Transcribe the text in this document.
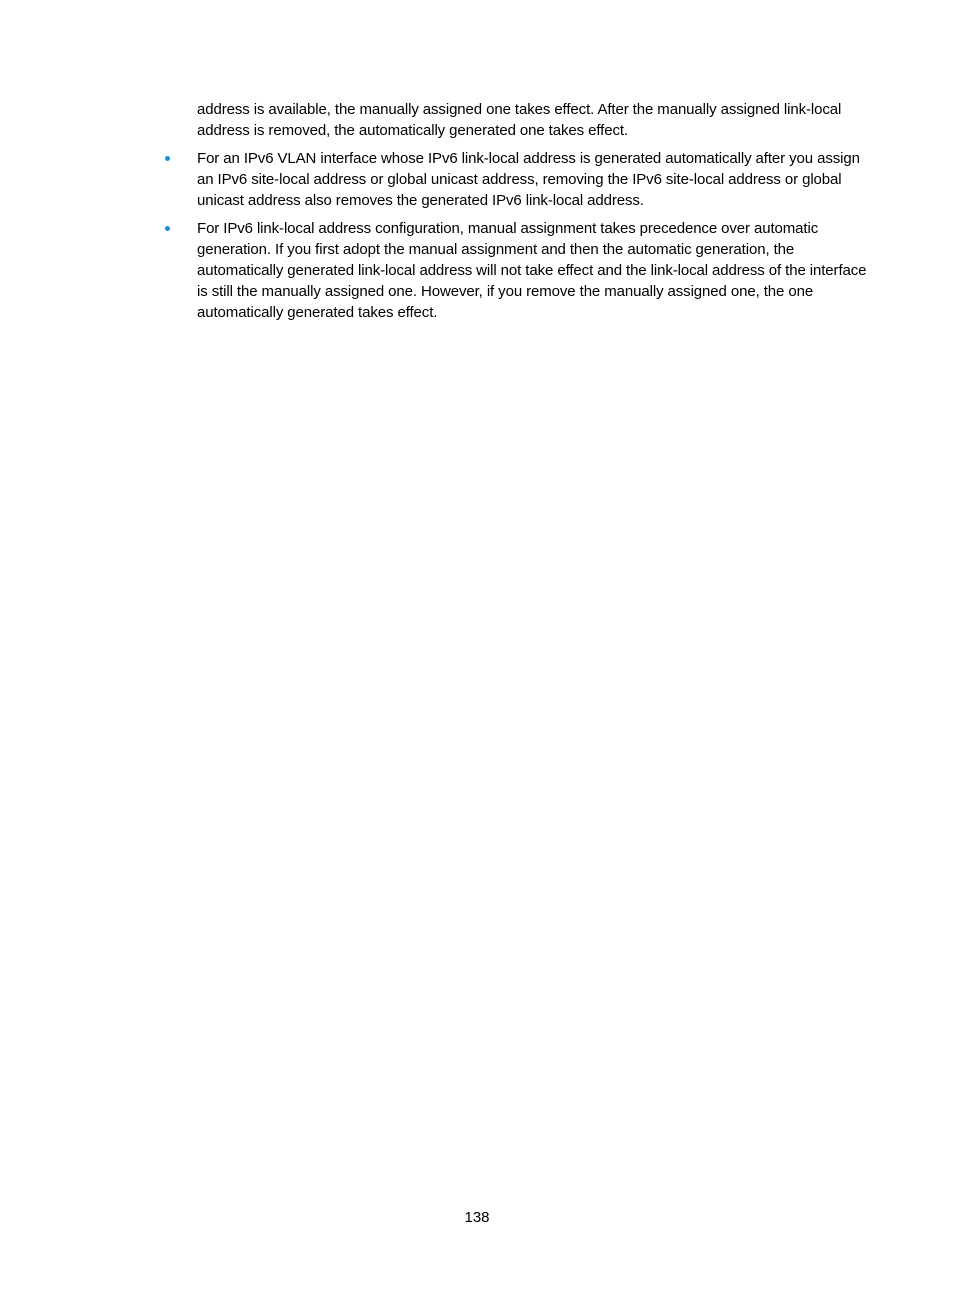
address is available, the manually assigned one takes effect. After the manually assigned link-local address is removed, the automatically generated one takes effect.

For an IPv6 VLAN interface whose IPv6 link-local address is generated automatically after you assign an IPv6 site-local address or global unicast address, removing the IPv6 site-local address or global unicast address also removes the generated IPv6 link-local address.

For IPv6 link-local address configuration, manual assignment takes precedence over automatic generation. If you first adopt the manual assignment and then the automatic generation, the automatically generated link-local address will not take effect and the link-local address of the interface is still the manually assigned one. However, if you remove the manually assigned one, the one automatically generated takes effect.

138
